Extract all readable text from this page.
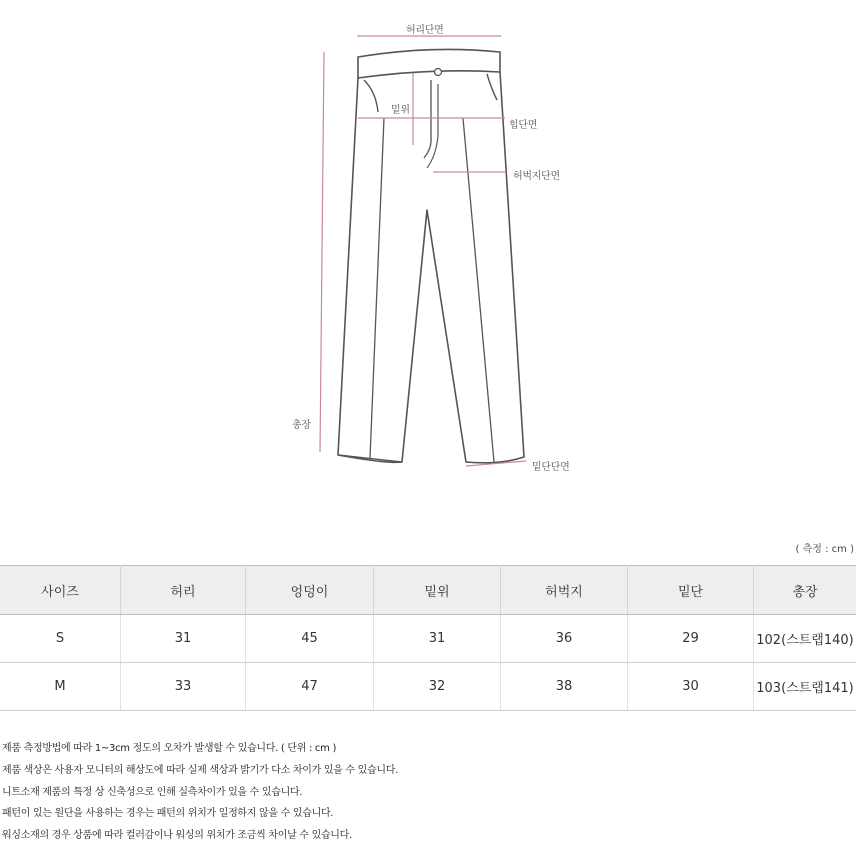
허리단면
밑위
힙단면
허벅지단면
총장
밑단단면
( 측정 : cm )
사이즈	허리	엉덩이	밑위	허벅지	밑단	총장
S	31	45	31	36	29	102(스트랩140)
M	33	47	32	38	30	103(스트랩141)
제품 측정방법에 따라 1~3cm 정도의 오차가 발생할 수 있습니다. ( 단위 : cm )
제품 색상은 사용자 모니터의 해상도에 따라 실제 색상과 밝기가 다소 차이가 있을 수 있습니다.
니트소재 제품의 특정 상 신축성으로 인해 실측차이가 있을 수 있습니다.
패턴이 있는 원단을 사용하는 경우는 패턴의 위치가 일정하지 않을 수 있습니다.
워싱소재의 경우 상품에 따라 컬러감이나 워싱의 위치가 조금씩 차이날 수 있습니다.
